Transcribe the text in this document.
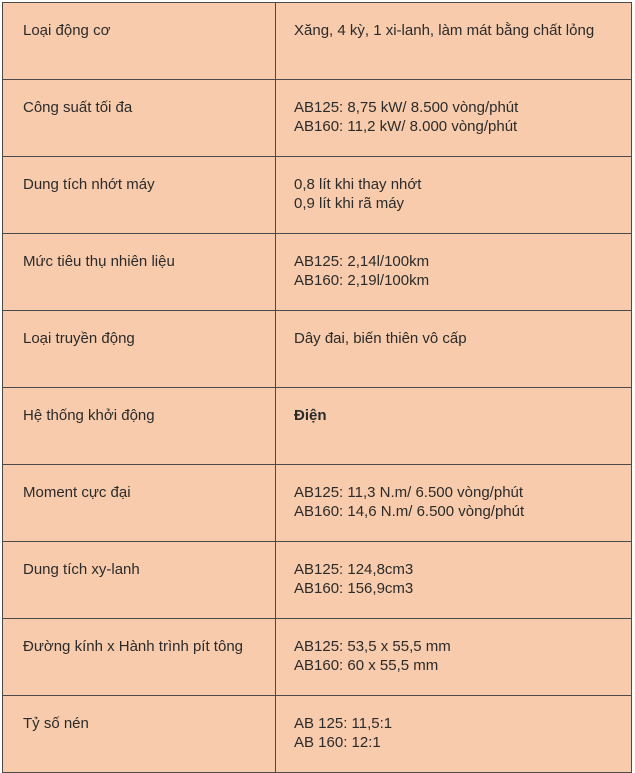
Loại động cơ	Xăng, 4 kỳ, 1 xi-lanh, làm mát bằng chất lỏng

Công suất tối đa	AB125: 8,75 kW/ 8.500 vòng/phút
AB160: 11,2 kW/ 8.000 vòng/phút

Dung tích nhớt máy	0,8 lít khi thay nhớt
0,9 lít khi rã máy

Mức tiêu thụ nhiên liệu	AB125: 2,14l/100km
AB160: 2,19l/100km

Loại truyền động	Dây đai, biến thiên vô cấp

Hệ thống khởi động	Điện

Moment cực đại	AB125: 11,3 N.m/ 6.500 vòng/phút
AB160: 14,6 N.m/ 6.500 vòng/phút

Dung tích xy-lanh	AB125: 124,8cm3
AB160: 156,9cm3

Đường kính x Hành trình pít tông	AB125: 53,5 x 55,5 mm
AB160: 60 x 55,5 mm

Tỷ số nén	AB 125: 11,5:1
AB 160: 12:1
